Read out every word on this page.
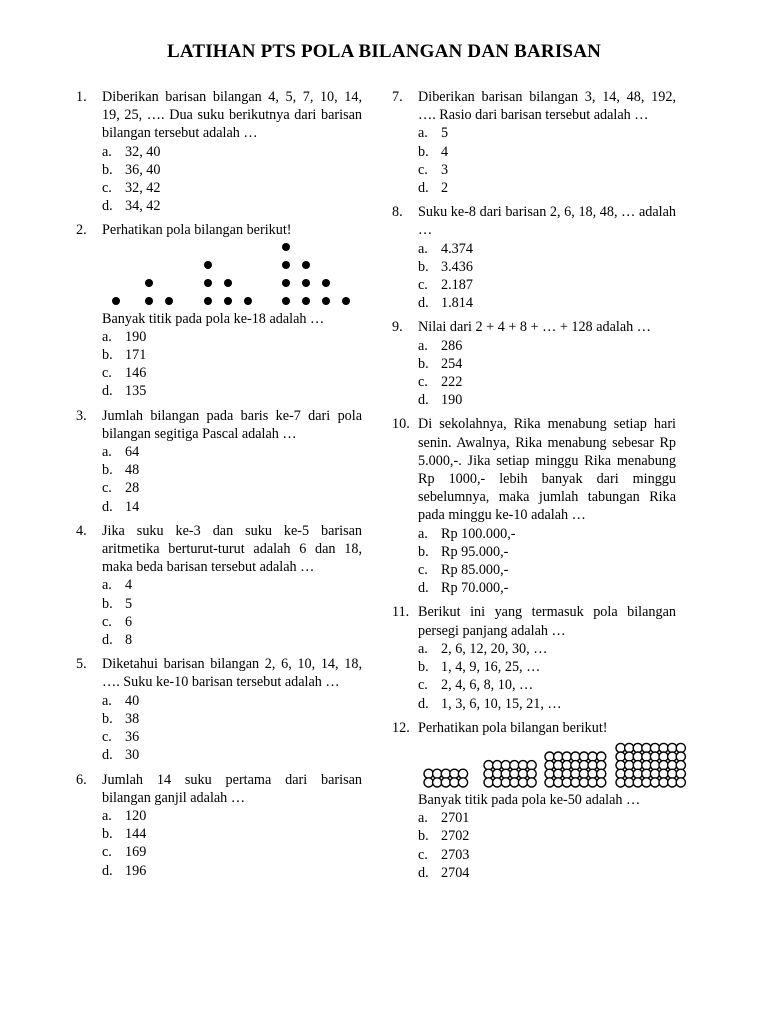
LATIHAN PTS POLA BILANGAN DAN BARISAN
1. Diberikan barisan bilangan 4, 5, 7, 10, 14, 19, 25, …. Dua suku berikutnya dari barisan bilangan tersebut adalah …
a. 32, 40
b. 36, 40
c. 32, 42
d. 34, 42
2. Perhatikan pola bilangan berikut!
Banyak titik pada pola ke-18 adalah …
a. 190
b. 171
c. 146
d. 135
3. Jumlah bilangan pada baris ke-7 dari pola bilangan segitiga Pascal adalah …
a. 64
b. 48
c. 28
d. 14
4. Jika suku ke-3 dan suku ke-5 barisan aritmetika berturut-turut adalah 6 dan 18, maka beda barisan tersebut adalah …
a. 4
b. 5
c. 6
d. 8
5. Diketahui barisan bilangan 2, 6, 10, 14, 18, …. Suku ke-10 barisan tersebut adalah …
a. 40
b. 38
c. 36
d. 30
6. Jumlah 14 suku pertama dari barisan bilangan ganjil adalah …
a. 120
b. 144
c. 169
d. 196
7. Diberikan barisan bilangan 3, 14, 48, 192, …. Rasio dari barisan tersebut adalah …
a. 5
b. 4
c. 3
d. 2
8. Suku ke-8 dari barisan 2, 6, 18, 48, … adalah …
a. 4.374
b. 3.436
c. 2.187
d. 1.814
9. Nilai dari 2 + 4 + 8 + … + 128 adalah …
a. 286
b. 254
c. 222
d. 190
10. Di sekolahnya, Rika menabung setiap hari senin. Awalnya, Rika menabung sebesar Rp 5.000,-. Jika setiap minggu Rika menabung Rp 1000,- lebih banyak dari minggu sebelumnya, maka jumlah tabungan Rika pada minggu ke-10 adalah …
a. Rp 100.000,-
b. Rp 95.000,-
c. Rp 85.000,-
d. Rp 70.000,-
11. Berikut ini yang termasuk pola bilangan persegi panjang adalah …
a. 2, 6, 12, 20, 30, …
b. 1, 4, 9, 16, 25, …
c. 2, 4, 6, 8, 10, …
d. 1, 3, 6, 10, 15, 21, …
12. Perhatikan pola bilangan berikut!
Banyak titik pada pola ke-50 adalah …
a. 2701
b. 2702
c. 2703
d. 2704
